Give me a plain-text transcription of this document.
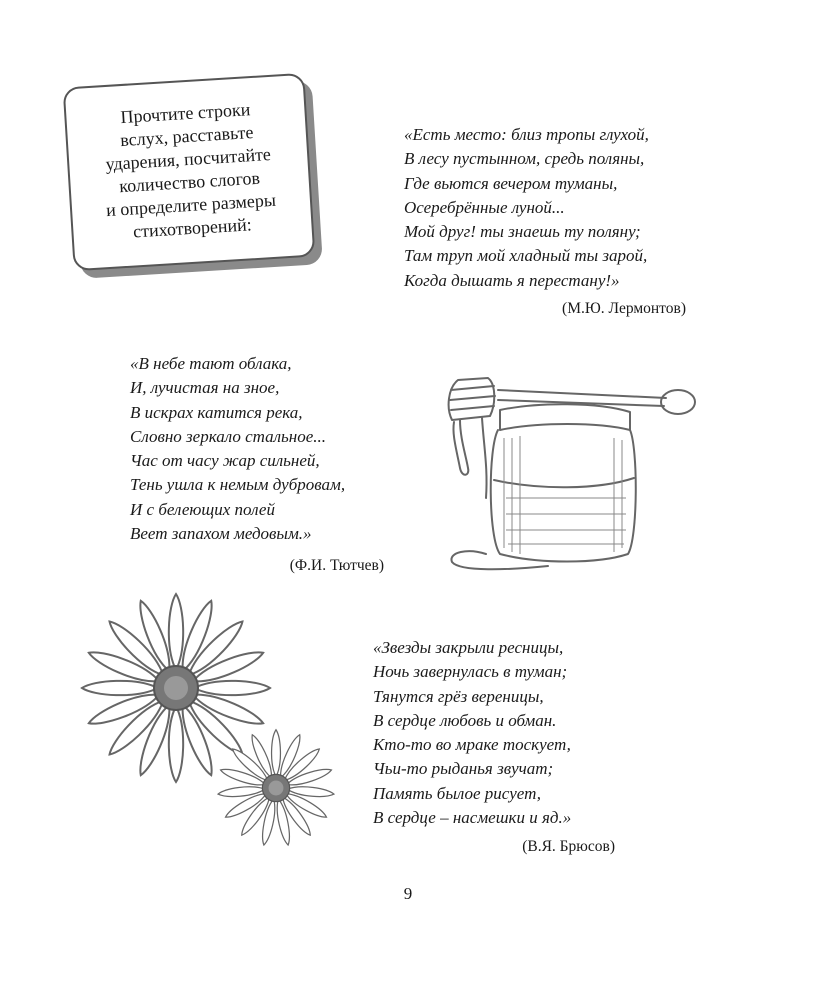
Прочтите строки
вслух, расставьте
ударения, посчитайте
количество слогов
и определите размеры
стихотворений:

«Есть место: близ тропы глухой,
В лесу пустынном, средь поляны,
Где вьются вечером туманы,
Осеребрённые луной...
Мой друг! ты знаешь ту поляну;
Там труп мой хладный ты зарой,
Когда дышать я перестану!»

(М.Ю. Лермонтов)

«В небе тают облака,
И, лучистая на зное,
В искрах катится река,
Словно зеркало стальное...
Час от часу жар сильней,
Тень ушла к немым дубровам,
И с белеющих полей
Веет запахом медовым.»

(Ф.И. Тютчев)

«Звезды закрыли ресницы,
Ночь завернулась в туман;
Тянутся грёз вереницы,
В сердце любовь и обман.
Кто-то во мраке тоскует,
Чьи-то рыданья звучат;
Память былое рисует,
В сердце – насмешки и яд.»

(В.Я. Брюсов)
9
